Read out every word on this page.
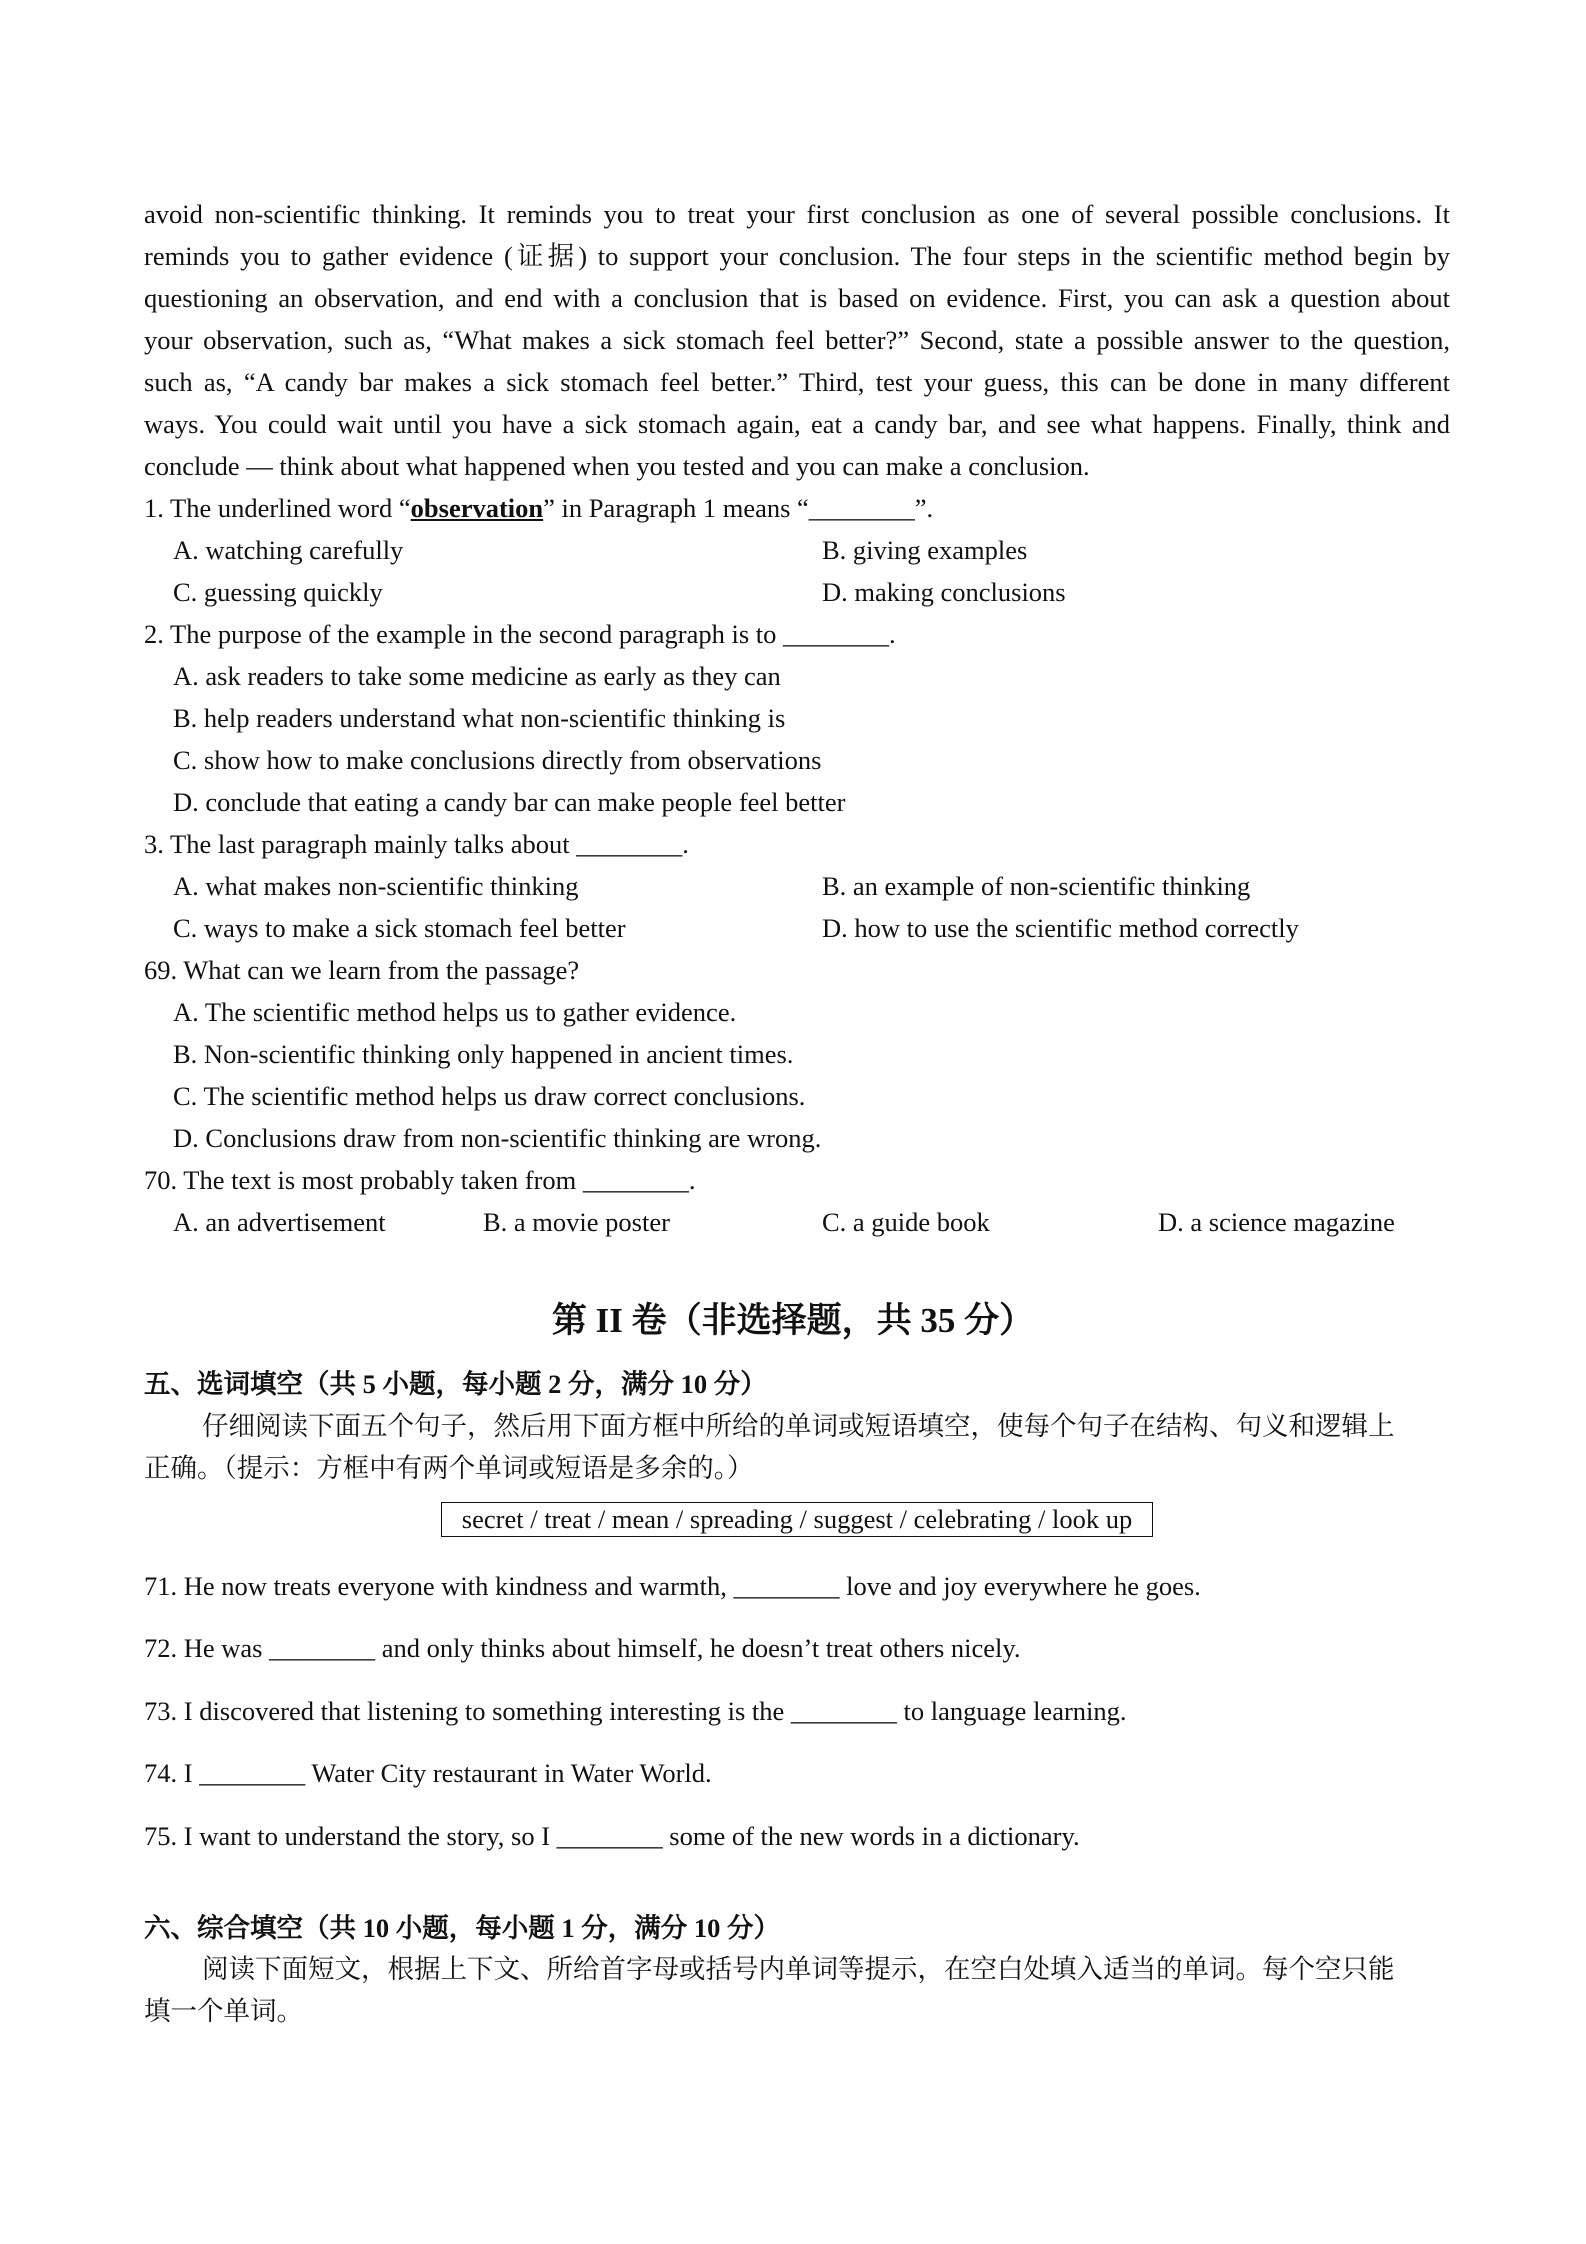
avoid non-scientific thinking. It reminds you to treat your first conclusion as one of several possible conclusions. It
reminds you to gather evidence (证据) to support your conclusion. The four steps in the scientific method begin by
questioning an observation, and end with a conclusion that is based on evidence. First, you can ask a question about
your observation, such as, “What makes a sick stomach feel better?” Second, state a possible answer to the question,
such as, “A candy bar makes a sick stomach feel better.” Third, test your guess, this can be done in many different
ways. You could wait until you have a sick stomach again, eat a candy bar, and see what happens. Finally, think and
conclude — think about what happened when you tested and you can make a conclusion.
1. The underlined word “observation” in Paragraph 1 means “________”.
A. watching carefully	B. giving examples
C. guessing quickly	D. making conclusions
2. The purpose of the example in the second paragraph is to ________.
A. ask readers to take some medicine as early as they can
B. help readers understand what non-scientific thinking is
C. show how to make conclusions directly from observations
D. conclude that eating a candy bar can make people feel better
3. The last paragraph mainly talks about ________.
A. what makes non-scientific thinking	B. an example of non-scientific thinking
C. ways to make a sick stomach feel better	D. how to use the scientific method correctly
69. What can we learn from the passage?
A. The scientific method helps us to gather evidence.
B. Non-scientific thinking only happened in ancient times.
C. The scientific method helps us draw correct conclusions.
D. Conclusions draw from non-scientific thinking are wrong.
70. The text is most probably taken from ________.
A. an advertisement	B. a movie poster	C. a guide book	D. a science magazine
第 II 卷（非选择题，共 35 分）
五、选词填空（共 5 小题，每小题 2 分，满分 10 分）
仔细阅读下面五个句子，然后用下面方框中所给的单词或短语填空，使每个句子在结构、句义和逻辑上
正确。（提示：方框中有两个单词或短语是多余的。）
secret / treat / mean / spreading / suggest / celebrating / look up
71. He now treats everyone with kindness and warmth, ________ love and joy everywhere he goes.
72. He was ________ and only thinks about himself, he doesn’t treat others nicely.
73. I discovered that listening to something interesting is the ________ to language learning.
74. I ________ Water City restaurant in Water World.
75. I want to understand the story, so I ________ some of the new words in a dictionary.
六、综合填空（共 10 小题，每小题 1 分，满分 10 分）
阅读下面短文，根据上下文、所给首字母或括号内单词等提示，在空白处填入适当的单词。每个空只能
填一个单词。
